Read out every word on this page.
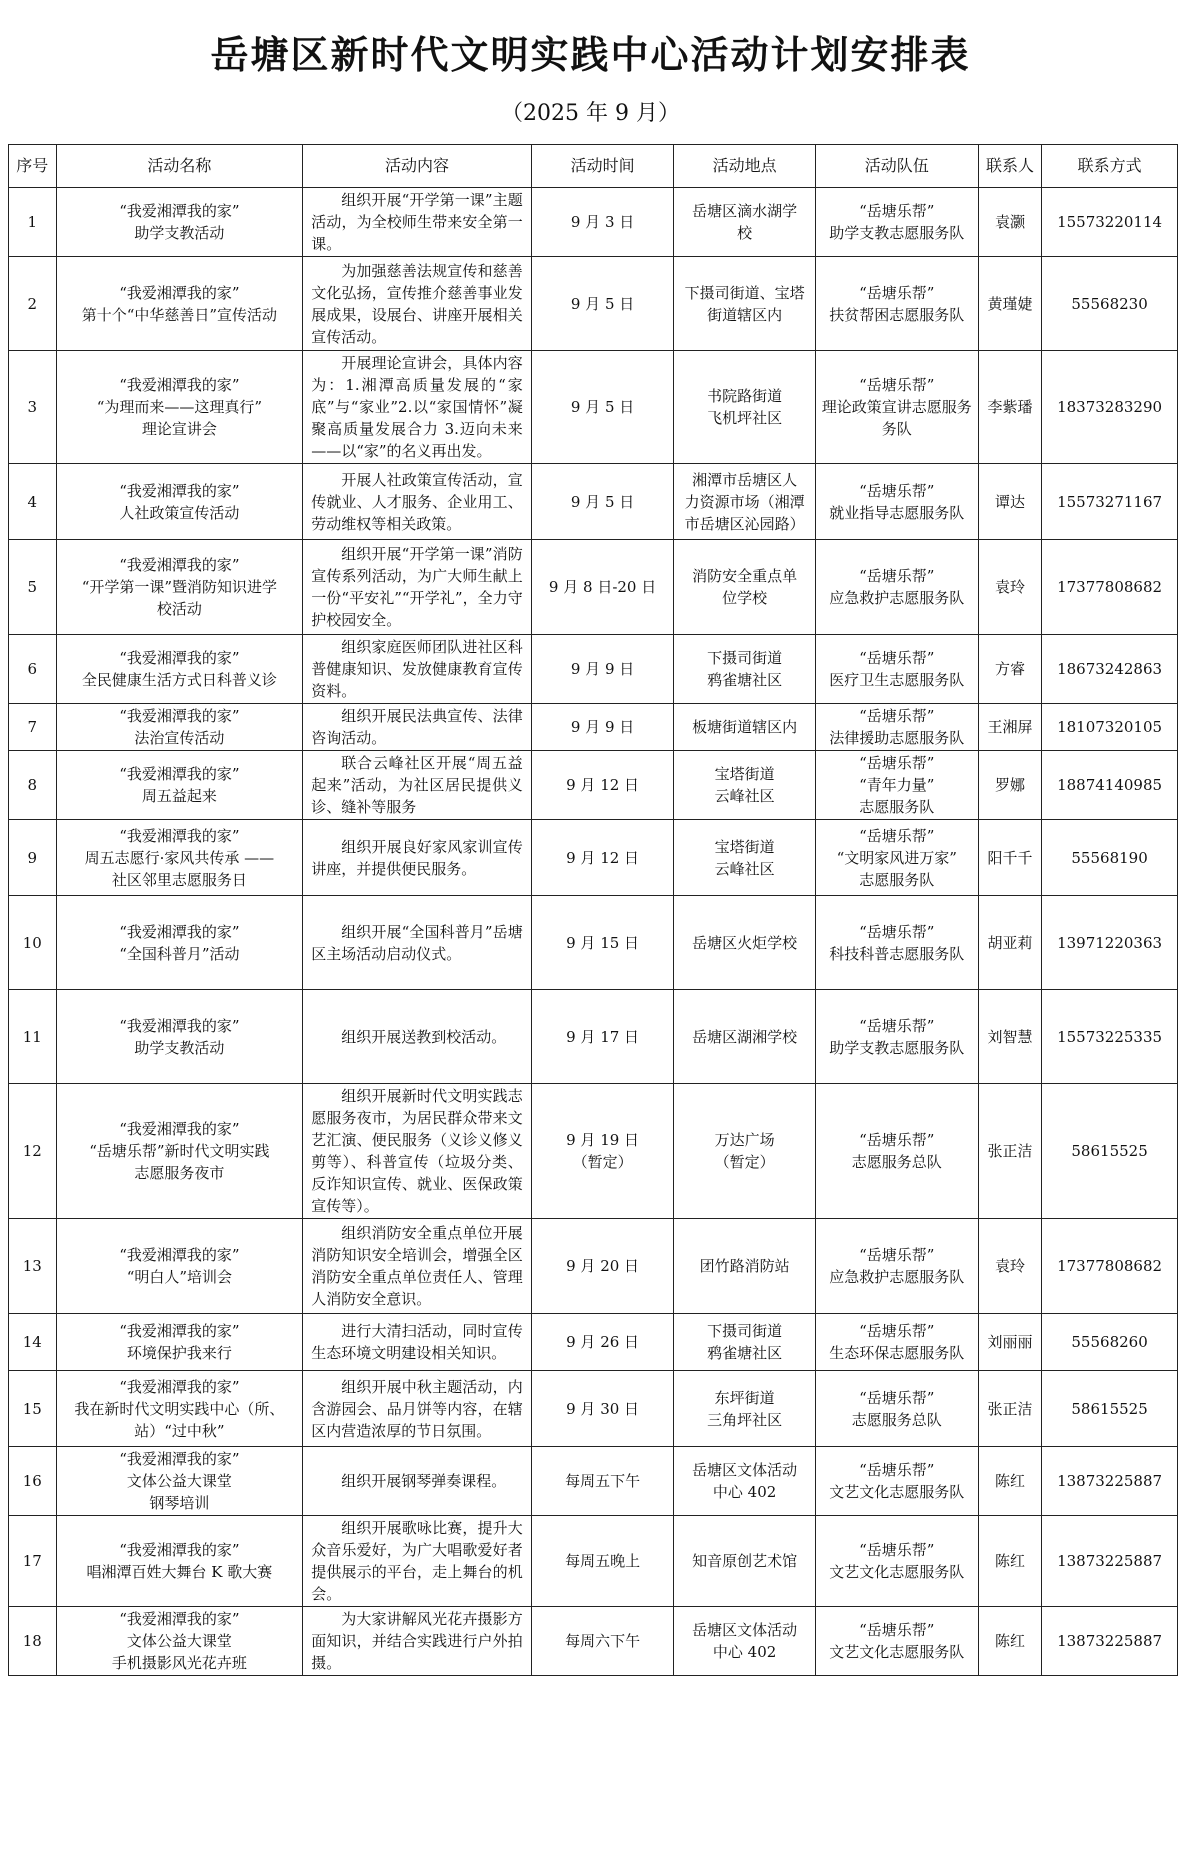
岳塘区新时代文明实践中心活动计划安排表
（2025 年 9 月）
序号	活动名称	活动内容	活动时间	活动地点	活动队伍	联系人	联系方式
1	“我爱湘潭我的家”
助学支教活动	组织开展“开学第一课”主题活动，为全校师生带来安全第一课。	9 月 3 日	岳塘区滴水湖学
校	“岳塘乐帮”
助学支教志愿服务队	袁灏	15573220114
2	“我爱湘潭我的家”
第十个“中华慈善日”宣传活动	为加强慈善法规宣传和慈善文化弘扬，宣传推介慈善事业发展成果，设展台、讲座开展相关宣传活动。	9 月 5 日	下摄司街道、宝塔
街道辖区内	“岳塘乐帮”
扶贫帮困志愿服务队	黄瑾婕	55568230
3	“我爱湘潭我的家”
“为理而来——这理真行”
理论宣讲会	开展理论宣讲会，具体内容为：1.湘潭高质量发展的“家底”与“家业”2.以“家国情怀”凝聚高质量发展合力 3.迈向未来——以“家”的名义再出发。	9 月 5 日	书院路街道
飞机坪社区	“岳塘乐帮”
理论政策宣讲志愿服务
务队	李紫璠	18373283290
4	“我爱湘潭我的家”
人社政策宣传活动	开展人社政策宣传活动，宣传就业、人才服务、企业用工、劳动维权等相关政策。	9 月 5 日	湘潭市岳塘区人
力资源市场（湘潭
市岳塘区沁园路）	“岳塘乐帮”
就业指导志愿服务队	谭达	15573271167
5	“我爱湘潭我的家”
“开学第一课”暨消防知识进学
校活动	组织开展“开学第一课”消防宣传系列活动，为广大师生献上一份“平安礼”“开学礼”，全力守护校园安全。	9 月 8 日-20 日	消防安全重点单
位学校	“岳塘乐帮”
应急救护志愿服务队	袁玲	17377808682
6	“我爱湘潭我的家”
全民健康生活方式日科普义诊	组织家庭医师团队进社区科普健康知识、发放健康教育宣传资料。	9 月 9 日	下摄司街道
鸦雀塘社区	“岳塘乐帮”
医疗卫生志愿服务队	方睿	18673242863
7	“我爱湘潭我的家”
法治宣传活动	组织开展民法典宣传、法律咨询活动。	9 月 9 日	板塘街道辖区内	“岳塘乐帮”
法律援助志愿服务队	王湘屏	18107320105
8	“我爱湘潭我的家”
周五益起来	联合云峰社区开展“周五益起来”活动，为社区居民提供义诊、缝补等服务	9 月 12 日	宝塔街道
云峰社区	“岳塘乐帮”
“青年力量”
志愿服务队	罗娜	18874140985
9	“我爱湘潭我的家”
周五志愿行·家风共传承 ——
社区邻里志愿服务日	组织开展良好家风家训宣传讲座，并提供便民服务。	9 月 12 日	宝塔街道
云峰社区	“岳塘乐帮”
“文明家风进万家”
志愿服务队	阳千千	55568190
10	“我爱湘潭我的家”
“全国科普月”活动	组织开展“全国科普月”岳塘区主场活动启动仪式。	9 月 15 日	岳塘区火炬学校	“岳塘乐帮”
科技科普志愿服务队	胡亚莉	13971220363
11	“我爱湘潭我的家”
助学支教活动	组织开展送教到校活动。	9 月 17 日	岳塘区湖湘学校	“岳塘乐帮”
助学支教志愿服务队	刘智慧	15573225335
12	“我爱湘潭我的家”
“岳塘乐帮”新时代文明实践
志愿服务夜市	组织开展新时代文明实践志愿服务夜市，为居民群众带来文艺汇演、便民服务（义诊义修义剪等）、科普宣传（垃圾分类、反诈知识宣传、就业、医保政策宣传等）。	9 月 19 日
（暂定）	万达广场
（暂定）	“岳塘乐帮”
志愿服务总队	张正洁	58615525
13	“我爱湘潭我的家”
“明白人”培训会	组织消防安全重点单位开展消防知识安全培训会，增强全区消防安全重点单位责任人、管理人消防安全意识。	9 月 20 日	团竹路消防站	“岳塘乐帮”
应急救护志愿服务队	袁玲	17377808682
14	“我爱湘潭我的家”
环境保护我来行	进行大清扫活动，同时宣传生态环境文明建设相关知识。	9 月 26 日	下摄司街道
鸦雀塘社区	“岳塘乐帮”
生态环保志愿服务队	刘丽丽	55568260
15	“我爱湘潭我的家”
我在新时代文明实践中心（所、
站）“过中秋”	组织开展中秋主题活动，内含游园会、品月饼等内容，在辖区内营造浓厚的节日氛围。	9 月 30 日	东坪街道
三角坪社区	“岳塘乐帮”
志愿服务总队	张正洁	58615525
16	“我爱湘潭我的家”
文体公益大课堂
钢琴培训	组织开展钢琴弹奏课程。	每周五下午	岳塘区文体活动
中心 402	“岳塘乐帮”
文艺文化志愿服务队	陈红	13873225887
17	“我爱湘潭我的家”
唱湘潭百姓大舞台 K 歌大赛	组织开展歌咏比赛，提升大众音乐爱好，为广大唱歌爱好者提供展示的平台，走上舞台的机会。	每周五晚上	知音原创艺术馆	“岳塘乐帮”
文艺文化志愿服务队	陈红	13873225887
18	“我爱湘潭我的家”
文体公益大课堂
手机摄影风光花卉班	为大家讲解风光花卉摄影方面知识，并结合实践进行户外拍摄。	每周六下午	岳塘区文体活动
中心 402	“岳塘乐帮”
文艺文化志愿服务队	陈红	13873225887
